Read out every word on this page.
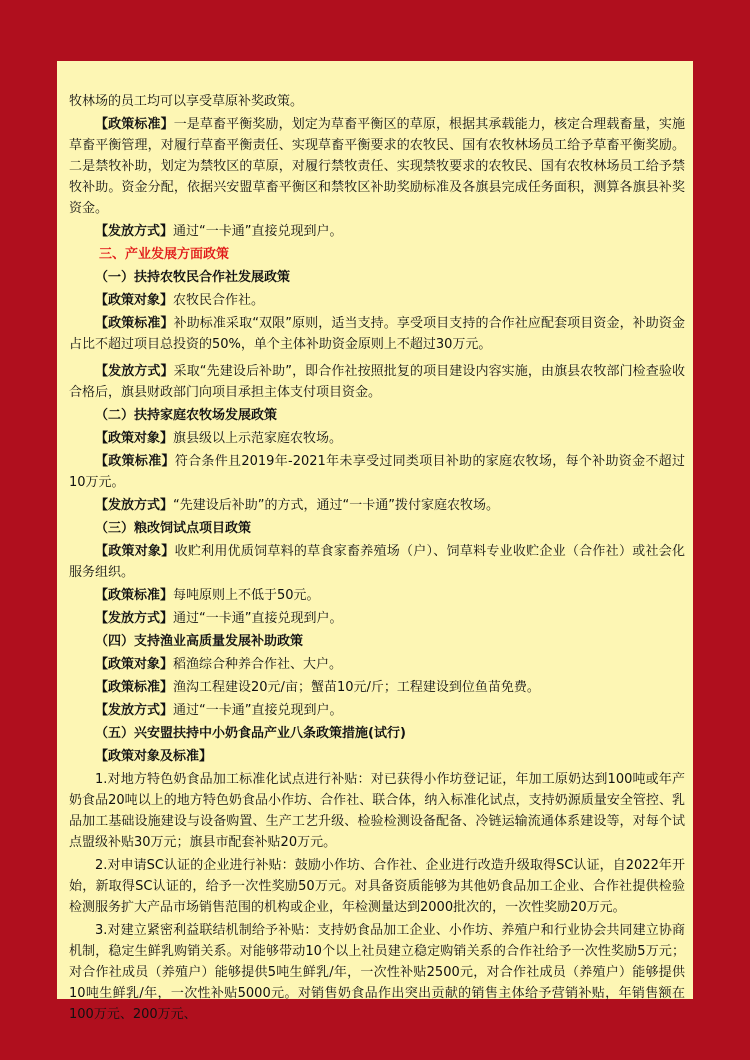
牧林场的员工均可以享受草原补奖政策。

【政策标准】一是草畜平衡奖励，划定为草畜平衡区的草原，根据其承载能力，核定合理载畜量，实施草畜平衡管理，对履行草畜平衡责任、实现草畜平衡要求的农牧民、国有农牧林场员工给予草畜平衡奖励。二是禁牧补助，划定为禁牧区的草原，对履行禁牧责任、实现禁牧要求的农牧民、国有农牧林场员工给予禁牧补助。资金分配，依据兴安盟草畜平衡区和禁牧区补助奖励标准及各旗县完成任务面积，测算各旗县补奖资金。

【发放方式】通过“一卡通”直接兑现到户。

三、产业发展方面政策

（一）扶持农牧民合作社发展政策

【政策对象】农牧民合作社。

【政策标准】补助标准采取“双限”原则，适当支持。享受项目支持的合作社应配套项目资金，补助资金占比不超过项目总投资的50%，单个主体补助资金原则上不超过30万元。

【发放方式】采取“先建设后补助”，即合作社按照批复的项目建设内容实施，由旗县农牧部门检查验收合格后，旗县财政部门向项目承担主体支付项目资金。

（二）扶持家庭农牧场发展政策

【政策对象】旗县级以上示范家庭农牧场。

【政策标准】符合条件且2019年-2021年未享受过同类项目补助的家庭农牧场，每个补助资金不超过10万元。

【发放方式】“先建设后补助”的方式，通过“一卡通”拨付家庭农牧场。

（三）粮改饲试点项目政策

【政策对象】收贮利用优质饲草料的草食家畜养殖场（户）、饲草料专业收贮企业（合作社）或社会化服务组织。

【政策标准】每吨原则上不低于50元。

【发放方式】通过“一卡通”直接兑现到户。

（四）支持渔业高质量发展补助政策

【政策对象】稻渔综合种养合作社、大户。

【政策标准】渔沟工程建设20元/亩；蟹苗10元/斤；工程建设到位鱼苗免费。

【发放方式】通过“一卡通”直接兑现到户。

（五）兴安盟扶持中小奶食品产业八条政策措施(试行)

【政策对象及标准】

1.对地方特色奶食品加工标准化试点进行补贴：对已获得小作坊登记证，年加工原奶达到100吨或年产奶食品20吨以上的地方特色奶食品小作坊、合作社、联合体，纳入标准化试点，支持奶源质量安全管控、乳品加工基础设施建设与设备购置、生产工艺升级、检验检测设备配备、冷链运输流通体系建设等，对每个试点盟级补贴30万元；旗县市配套补贴20万元。

2.对申请SC认证的企业进行补贴：鼓励小作坊、合作社、企业进行改造升级取得SC认证，自2022年开始，新取得SC认证的，给予一次性奖励50万元。对具备资质能够为其他奶食品加工企业、合作社提供检验检测服务扩大产品市场销售范围的机构或企业，年检测量达到2000批次的，一次性奖励20万元。

3.对建立紧密利益联结机制给予补贴：支持奶食品加工企业、小作坊、养殖户和行业协会共同建立协商机制，稳定生鲜乳购销关系。对能够带动10个以上社员建立稳定购销关系的合作社给予一次性奖励5万元；对合作社成员（养殖户）能够提供5吨生鲜乳/年，一次性补贴2500元，对合作社成员（养殖户）能够提供10吨生鲜乳/年，一次性补贴5000元。对销售奶食品作出突出贡献的销售主体给予营销补贴，年销售额在100万元、200万元、
